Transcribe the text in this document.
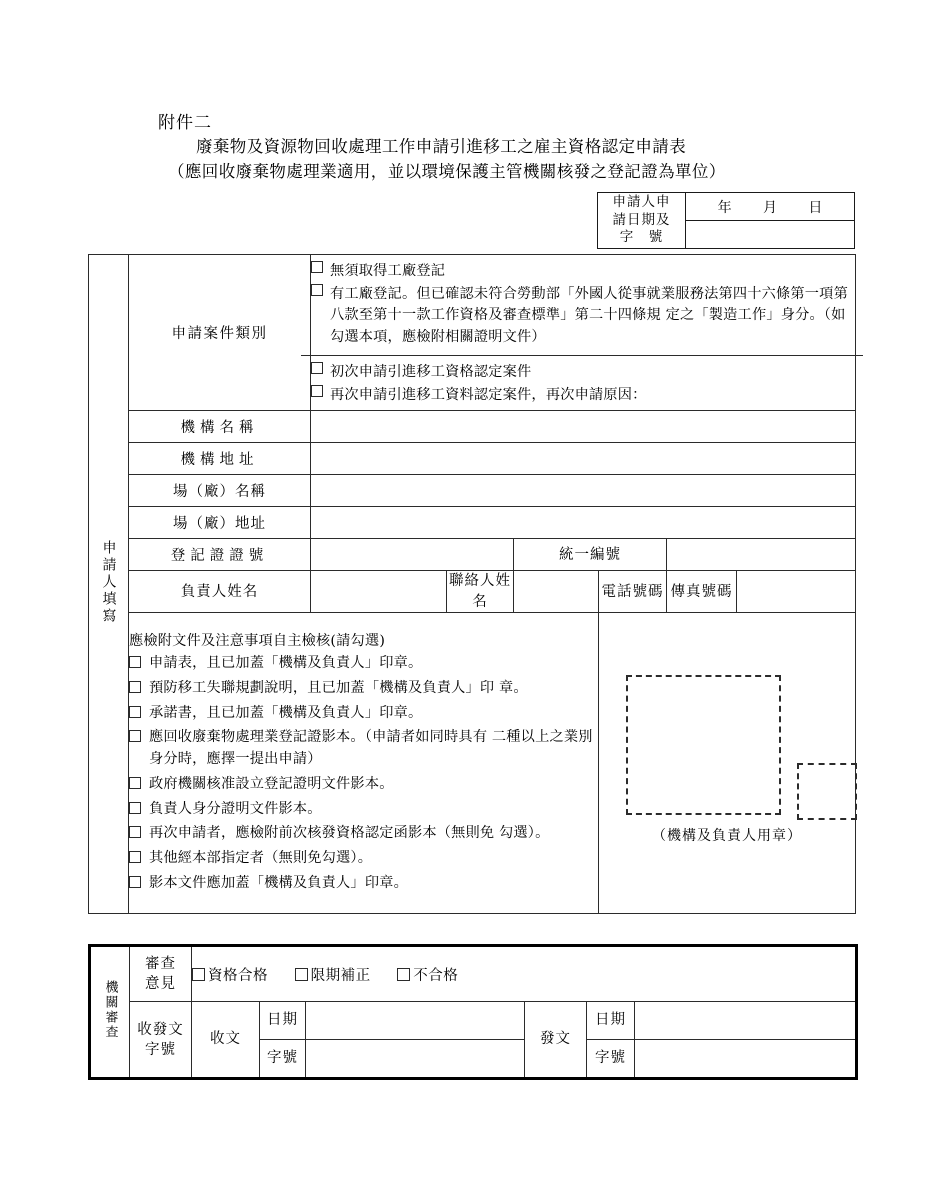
附件二
廢棄物及資源物回收處理工作申請引進移工之雇主資格認定申請表
（應回收廢棄物處理業適用，並以環境保護主管機關核發之登記證為單位）
申請人申
請日期及
字　號
年 月 日
申請人填寫	申請案件類別	無須取得工廠登記
有工廠登記。但已確認未符合勞動部「外國人從事就業服務法第四十六條第一項第八款至第十一款工作資格及審查標準」第二十四條規 定之「製造工作」身分。（如勾選本項，應檢附相關證明文件）
初次申請引進移工資格認定案件
再次申請引進移工資料認定案件，再次申請原因：					

	機構名稱						
	機構地址						
	場（廠）名稱						
	場（廠）地址						
	登記證證號			統一編號			
	負責人姓名		聯絡人姓名		電話號碼	傳真號碼	

應檢附文件及注意事項自主檢核(請勾選)
申請表，且已加蓋「機構及負責人」印章。
預防移工失聯規劃說明，且已加蓋「機構及負責人」印 章。
承諾書，且已加蓋「機構及負責人」印章。
應回收廢棄物處理業登記證影本。（申請者如同時具有 二種以上之業別身分時，應擇一提出申請）
政府機關核准設立登記證明文件影本。
負責人身分證明文件影本。
再次申請者，應檢附前次核發資格認定函影本（無則免 勾選）。
其他經本部指定者（無則免勾選）。
影本文件應加蓋「機構及負責人」印章。

（機構及負責人用章）
機關審查	
審查
意見

資格合格
	限期補正
	不合格

	收發文
字號	收文	日期		發文	日期	
			字號			字號	
